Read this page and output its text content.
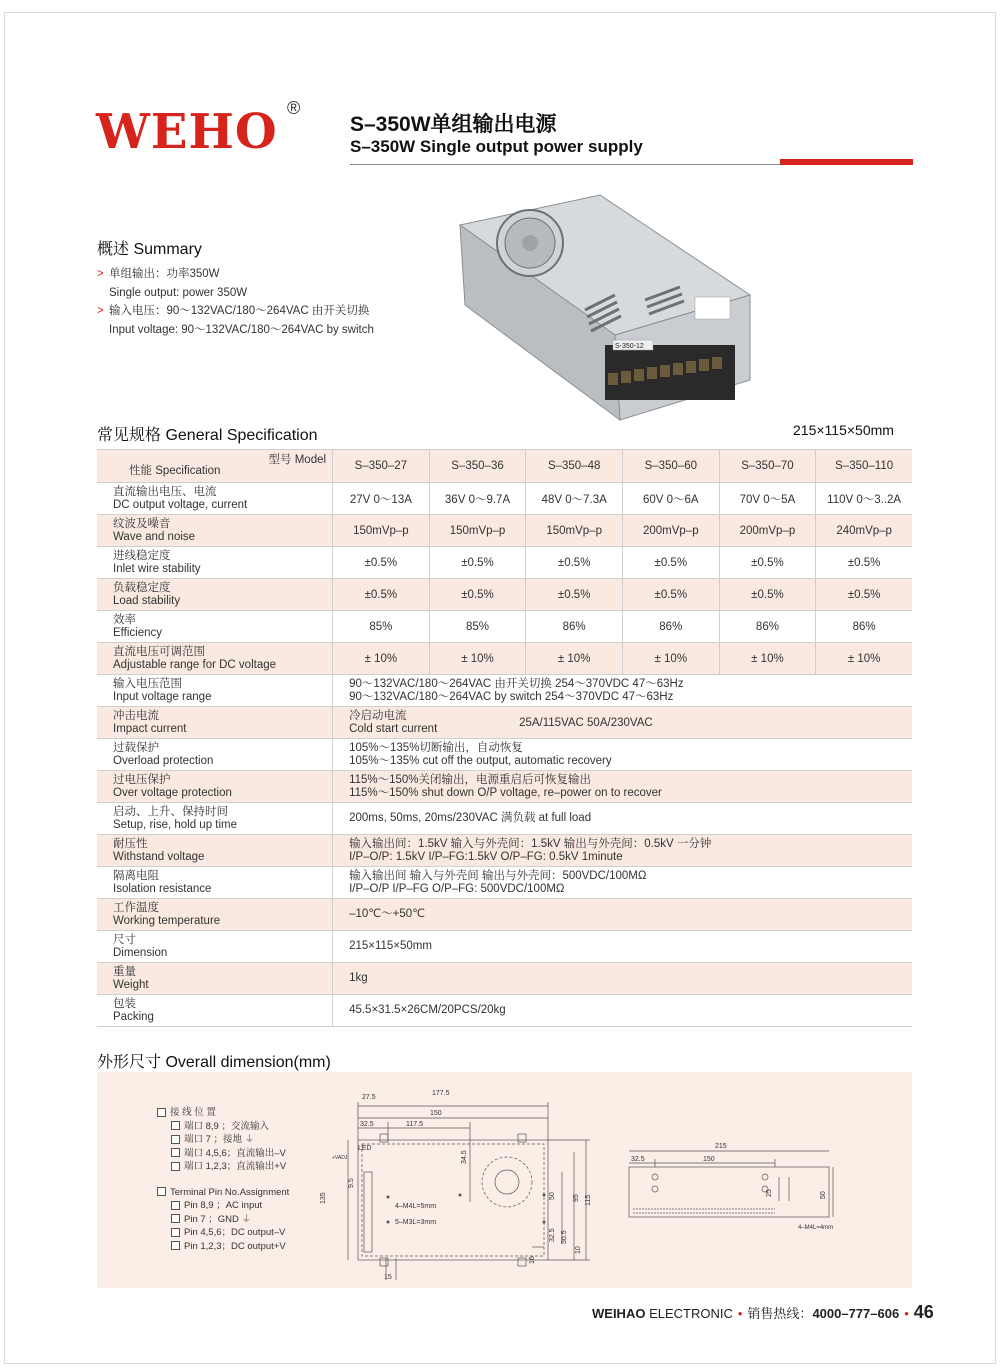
WEHO ®
S–350W单组输出电源
S–350W Single output power supply
概述 Summary
> 单组输出：功率350W
Single output: power 350W
> 输入电压：90～132VAC/180～264VAC 由开关切换
Input voltage: 90～132VAC/180～264VAC by switch
S-350-12
常见规格 General Specification	215×115×50mm
型号 Model
性能 Specification	S–350–27	S–350–36	S–350–48	S–350–60	S–350–70	S–350–110
直流输出电压、电流
DC output voltage, current	27V 0～13A	36V 0～9.7A	48V 0～7.3A	60V 0～6A	70V 0～5A	110V 0～3..2A
纹波及噪音
Wave and noise	150mVp–p	150mVp–p	150mVp–p	200mVp–p	200mVp–p	240mVp–p
进线稳定度
Inlet wire stability	±0.5%	±0.5%	±0.5%	±0.5%	±0.5%	±0.5%
负载稳定度
Load stability	±0.5%	±0.5%	±0.5%	±0.5%	±0.5%	±0.5%
效率
Efficiency	85%	85%	86%	86%	86%	86%
直流电压可调范围
Adjustable range for DC voltage	± 10%	± 10%	± 10%	± 10%	± 10%	± 10%
输入电压范围
Input voltage range	90～132VAC/180～264VAC 由开关切换 254～370VDC 47～63Hz
90～132VAC/180～264VAC by switch 254～370VDC 47～63Hz					
冲击电流
Impact current	冷启动电流
Cold start current 25A/115VAC 50A/230VAC					

过载保护
Overload protection	105%～135%切断输出，自动恢复
105%～135% cut off the output, automatic recovery					
过电压保护
Over voltage protection	115%～150%关闭输出，电源重启后可恢复输出
115%～150% shut down O/P voltage, re–power on to recover					
启动、上升、保持时间
Setup, rise, hold up time	200ms, 50ms, 20ms/230VAC 满负载 at full load					
耐压性
Withstand voltage	输入输出间：1.5kV 输入与外壳间：1.5kV 输出与外壳间：0.5kV 一分钟
I/P–O/P: 1.5kV I/P–FG:1.5kV O/P–FG: 0.5kV 1minute					
隔离电阻
Isolation resistance	输入输出间 输入与外壳间 输出与外壳间：500VDC/100MΩ
I/P–O/P I/P–FG O/P–FG: 500VDC/100MΩ					
工作温度
Working temperature	–10℃～+50℃					
尺寸
Dimension	215×115×50mm					
重量
Weight	1kg					
包装
Packing	45.5×31.5×26CM/20PCS/20kg					
外形尺寸 Overall dimension(mm)
接 线 位 置
端口 8,9 ；交流输入
端口 7 ；接地 ⏚
端口 4,5,6；直流输出–V
端口 1,2,3；直流输出+V
Terminal Pin No.Assignment
Pin 8,9 ；AC input
Pin 7 ；GND ⏚
Pin 4,5,6；DC output–V
Pin 1,2,3；DC output+V
27.5
177.5
150
32.5	117.5
LED
+VADJ	34.5
135
9.5
4–M4L=5mm
5–M3L=3mm
50 95 115
32.5 50.5
10
16
15
215
32.5	150
25	50
4–M4L=4mm
WEIHAO ELECTRONIC • 销售热线：4000–777–606 • 46
